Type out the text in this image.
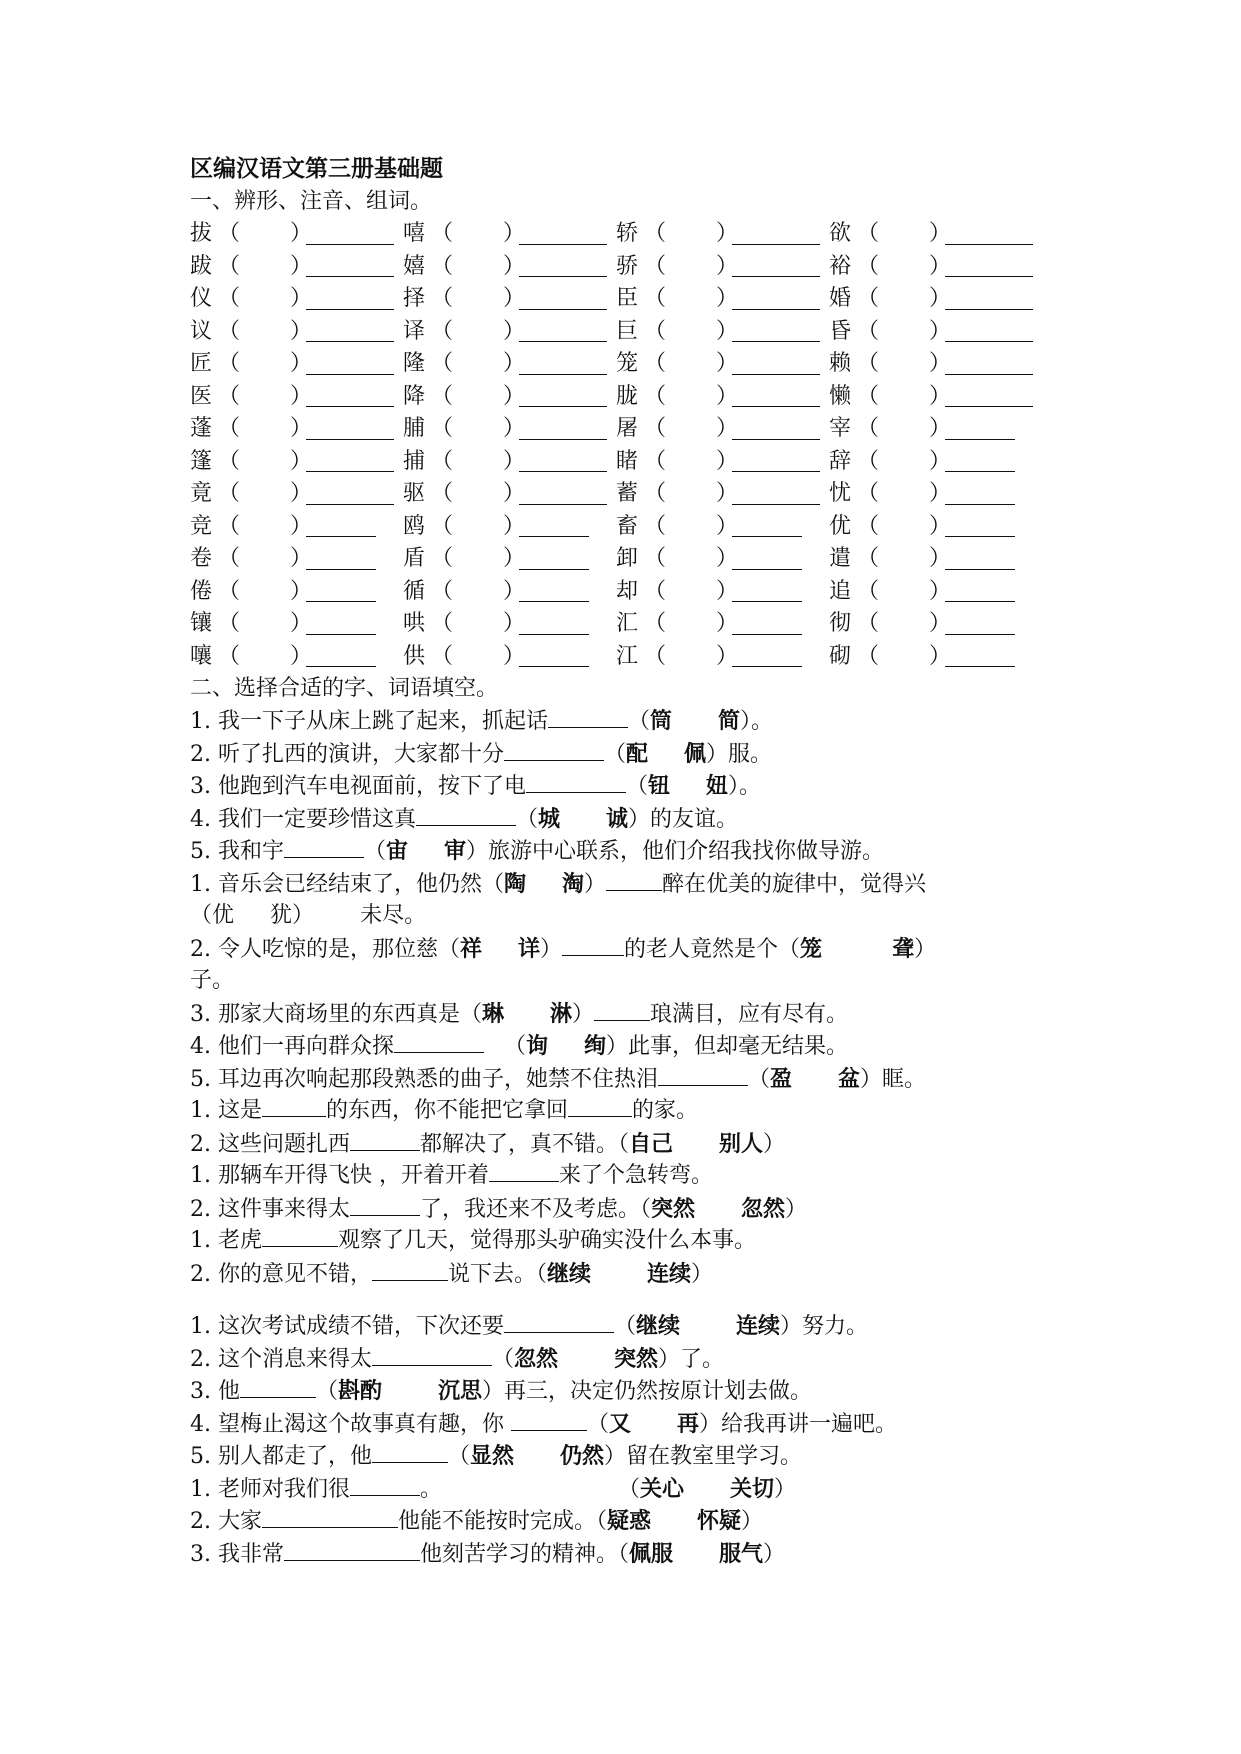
区编汉语文第三册基础题
一、辨形、注音、组词。
拔 （ ）	嘻 （ ）	轿 （ ）	欲 （ ）
跋 （ ）	嬉 （ ）	骄 （ ）	裕 （ ）
仪 （ ）	择 （ ）	臣 （ ）	婚 （ ）
议 （ ）	译 （ ）	巨 （ ）	昏 （ ）
匠 （ ）	隆 （ ）	笼 （ ）	赖 （ ）
医 （ ）	降 （ ）	胧 （ ）	懒 （ ）
蓬 （ ）	脯 （ ）	屠 （ ）	宰 （ ）
篷 （ ）	捕 （ ）	睹 （ ）	辞 （ ）
竟 （ ）	驱 （ ）	蓄 （ ）	忧 （ ）
竞 （ ）	鸥 （ ）	畜 （ ）	优 （ ）
卷 （ ）	盾 （ ）	卸 （ ）	遣 （ ）
倦 （ ）	循 （ ）	却 （ ）	追 （ ）
镶 （ ）	哄 （ ）	汇 （ ）	彻 （ ）
嚷 （ ）	供 （ ）	江 （ ）	砌 （ ）
二、选择合适的字、词语填空。
1. 我一下子从床上跳了起来，抓起话	（筒 简）。
2. 听了扎西的演讲，大家都十分	（配 佩）服。
3. 他跑到汽车电视面前，按下了电	（钮 妞）。
4. 我们一定要珍惜这真	（城 诚）的友谊。
5. 我和宇	（宙 审）旅游中心联系，他们介绍我找你做导游。
1. 音乐会已经结束了，他仍然（陶 淘）	醉在优美的旋律中，觉得兴
（优 犹） 未尽。
2. 令人吃惊的是，那位慈（祥 详）	的老人竟然是个（笼	聋）
子。
3. 那家大商场里的东西真是（琳 淋）	琅满目，应有尽有。
4. 他们一再向群众探	（询 绚）此事，但却毫无结果。
5. 耳边再次响起那段熟悉的曲子，她禁不住热泪	（盈 盆）眶。
1. 这是	的东西，你不能把它拿回	的家。
2. 这些问题扎西	都解决了，真不错。（自己 别人）
1. 那辆车开得飞快 ，开着开着	来了个急转弯。
2. 这件事来得太	了，我还来不及考虑。（突然 忽然）
1. 老虎	观察了几天，觉得那头驴确实没什么本事。
2. 你的意见不错，	说下去。（继续	连续）
1. 这次考试成绩不错，下次还要	（继续	连续）努力。
2. 这个消息来得太	（忽然	突然）了。
3. 他	（斟酌	沉思）再三，决定仍然按原计划去做。
4. 望梅止渴这个故事真有趣，你	（又 再）给我再讲一遍吧。
5. 别人都走了，他	（显然 仍然）留在教室里学习。
1. 老师对我们很	。	（关心 关切）
2. 大家	他能不能按时完成。（疑惑 怀疑）
3. 我非常	他刻苦学习的精神。（佩服 服气）
